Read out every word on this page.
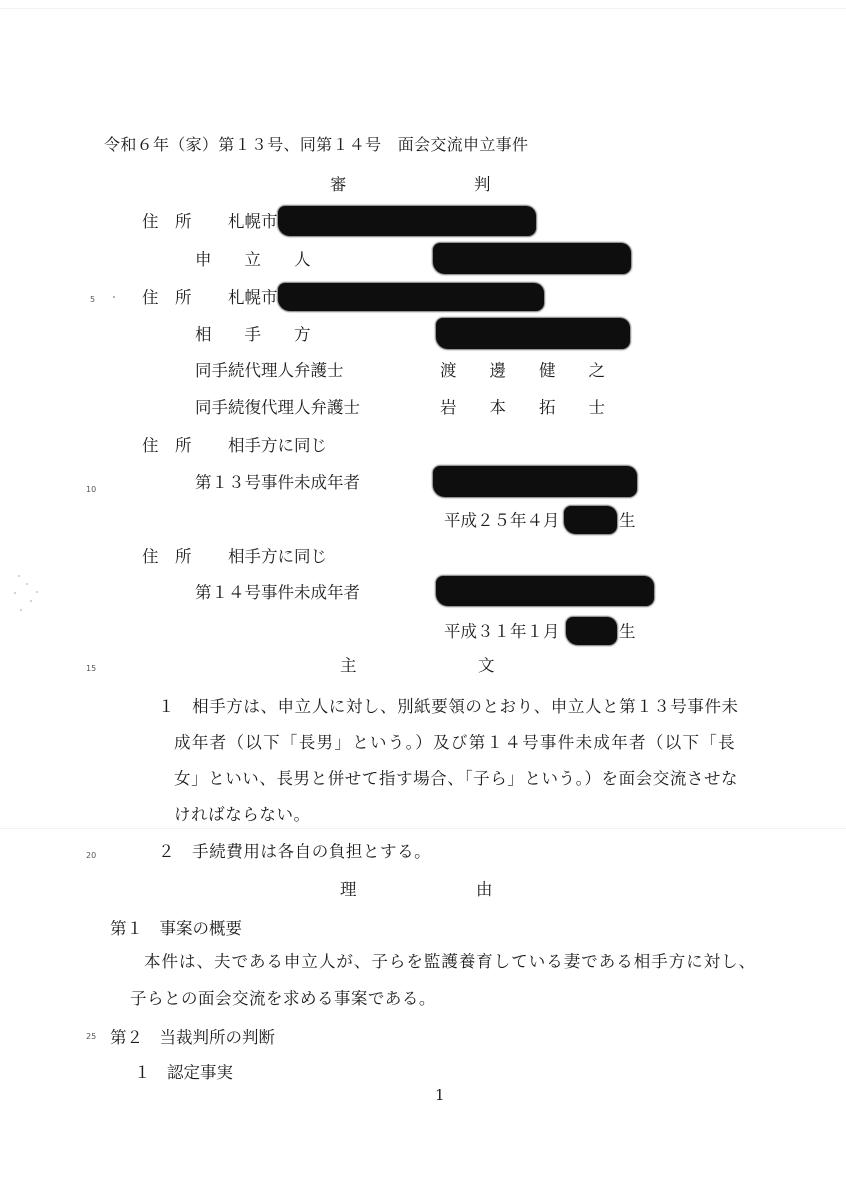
5
10
15
20
25
令和６年（家）第１３号、同第１４号　面会交流申立事件
審	判
住　所 札幌市
申　　立　　人
住　所 札幌市
相　　手　　方
同手続代理人弁護士	渡　　邊　　健　　之
同手続復代理人弁護士	岩　　本　　拓　　士
住　所 相手方に同じ
第１３号事件未成年者
平成２５年４月	生
住　所 相手方に同じ
第１４号事件未成年者
平成３１年１月	生
主	文
１　相手方は、申立人に対し、別紙要領のとおり、申立人と第１３号事件未
成年者（以下「長男」という。）及び第１４号事件未成年者（以下「長
女」といい、長男と併せて指す場合、「子ら」という。）を面会交流させな
ければならない。
２　手続費用は各自の負担とする。
理	由
第１　事案の概要
本件は、夫である申立人が、子らを監護養育している妻である相手方に対し、
子らとの面会交流を求める事案である。
第２　当裁判所の判断
１　認定事実
1
